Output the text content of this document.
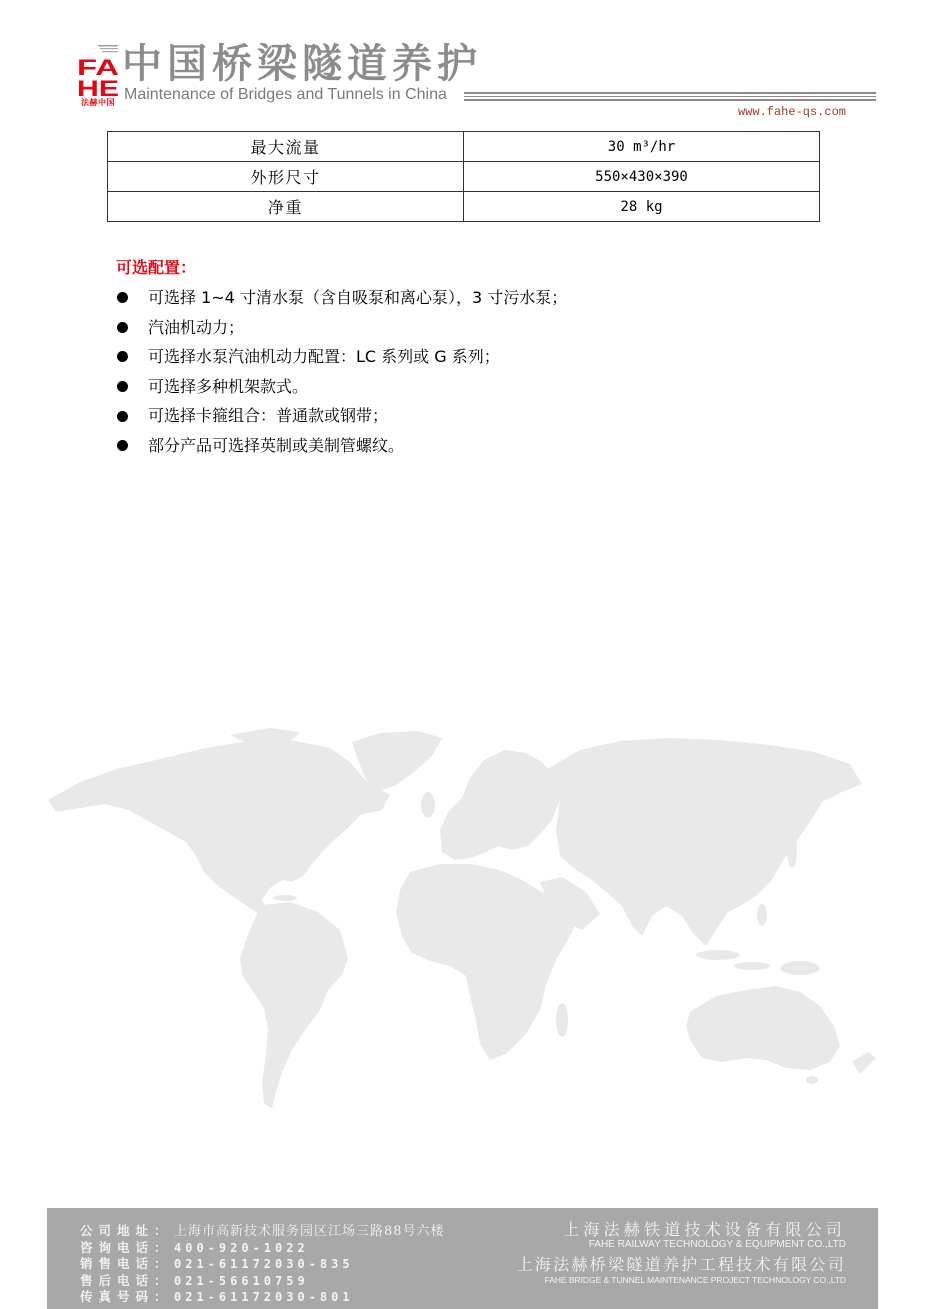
FA
HE
法赫中国
中国桥梁隧道养护
Maintenance of Bridges and Tunnels in China
www.fahe-qs.com
最大流量	30 m³/hr
外形尺寸	550×430×390
净重	28 kg
可选配置：
可选择 1~4 寸清水泵（含自吸泵和离心泵），3 寸污水泵；
汽油机动力；
可选择水泵汽油机动力配置：LC 系列或 G 系列；
可选择多种机架款式。
可选择卡箍组合：普通款或钢带；
部分产品可选择英制或美制管螺纹。
公司地址：上海市高新技术服务园区江场三路88号六楼
咨询电话：400-920-1022
销售电话：021-61172030-835
售后电话：021-56610759
传真号码：021-61172030-801
上海法赫铁道技术设备有限公司
FAHE RAILWAY TECHNOLOGY & EQUIPMENT CO.,LTD
上海法赫桥梁隧道养护工程技术有限公司
FAHE BRIDGE & TUNNEL MAINTENANCE PROJECT TECHNOLOGY CO.,LTD
